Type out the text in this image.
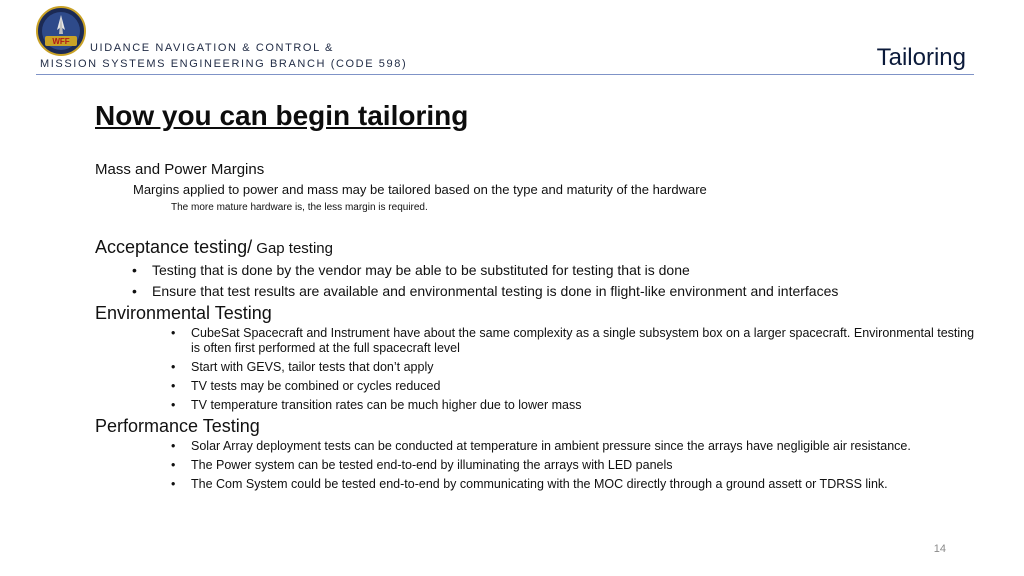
WFF
UIDANCE NAVIGATION & CONTROL &
MISSION SYSTEMS ENGINEERING BRANCH (CODE 598)	Tailoring
Now you can begin tailoring

Mass and Power Margins

Margins applied to power and mass may be tailored based on the type and maturity of the hardware

The more mature hardware is, the less margin is required.

Acceptance testing/ Gap testing

• Testing that is done by the vendor may be able to be substituted for testing that is done
• Ensure that test results are available and environmental testing is done in flight-like environment and interfaces

Environmental Testing

• CubeSat Spacecraft and Instrument have about the same complexity as a single subsystem box on a larger spacecraft. Environmental testing is often first performed at the full spacecraft level
• Start with GEVS, tailor tests that don’t apply
• TV tests may be combined or cycles reduced
• TV temperature transition rates can be much higher due to lower mass

Performance Testing

• Solar Array deployment tests can be conducted at temperature in ambient pressure since the arrays have negligible air resistance.
• The Power system can be tested end-to-end by illuminating the arrays with LED panels
• The Com System could be tested end-to-end by communicating with the MOC directly through a ground assett or TDRSS link.
14
